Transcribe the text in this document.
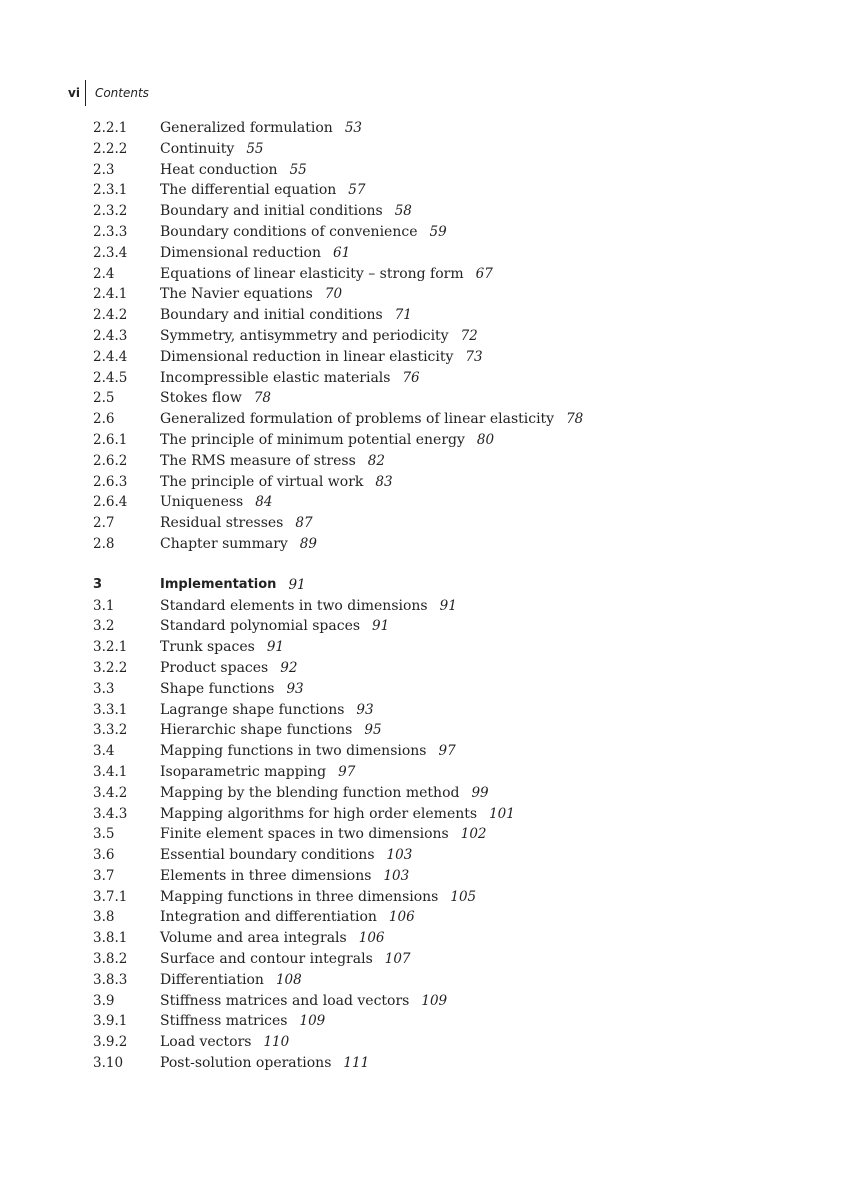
vi	Contents
2.2.1	Generalized formulation 53
2.2.2	Continuity 55
2.3	Heat conduction 55
2.3.1	The differential equation 57
2.3.2	Boundary and initial conditions 58
2.3.3	Boundary conditions of convenience 59
2.3.4	Dimensional reduction 61
2.4	Equations of linear elasticity – strong form 67
2.4.1	The Navier equations 70
2.4.2	Boundary and initial conditions 71
2.4.3	Symmetry, antisymmetry and periodicity 72
2.4.4	Dimensional reduction in linear elasticity 73
2.4.5	Incompressible elastic materials 76
2.5	Stokes flow 78
2.6	Generalized formulation of problems of linear elasticity 78
2.6.1	The principle of minimum potential energy 80
2.6.2	The RMS measure of stress 82
2.6.3	The principle of virtual work 83
2.6.4	Uniqueness 84
2.7	Residual stresses 87
2.8	Chapter summary 89
3	Implementation 91
3.1	Standard elements in two dimensions 91
3.2	Standard polynomial spaces 91
3.2.1	Trunk spaces 91
3.2.2	Product spaces 92
3.3	Shape functions 93
3.3.1	Lagrange shape functions 93
3.3.2	Hierarchic shape functions 95
3.4	Mapping functions in two dimensions 97
3.4.1	Isoparametric mapping 97
3.4.2	Mapping by the blending function method 99
3.4.3	Mapping algorithms for high order elements 101
3.5	Finite element spaces in two dimensions 102
3.6	Essential boundary conditions 103
3.7	Elements in three dimensions 103
3.7.1	Mapping functions in three dimensions 105
3.8	Integration and differentiation 106
3.8.1	Volume and area integrals 106
3.8.2	Surface and contour integrals 107
3.8.3	Differentiation 108
3.9	Stiffness matrices and load vectors 109
3.9.1	Stiffness matrices 109
3.9.2	Load vectors 110
3.10	Post-solution operations 111
